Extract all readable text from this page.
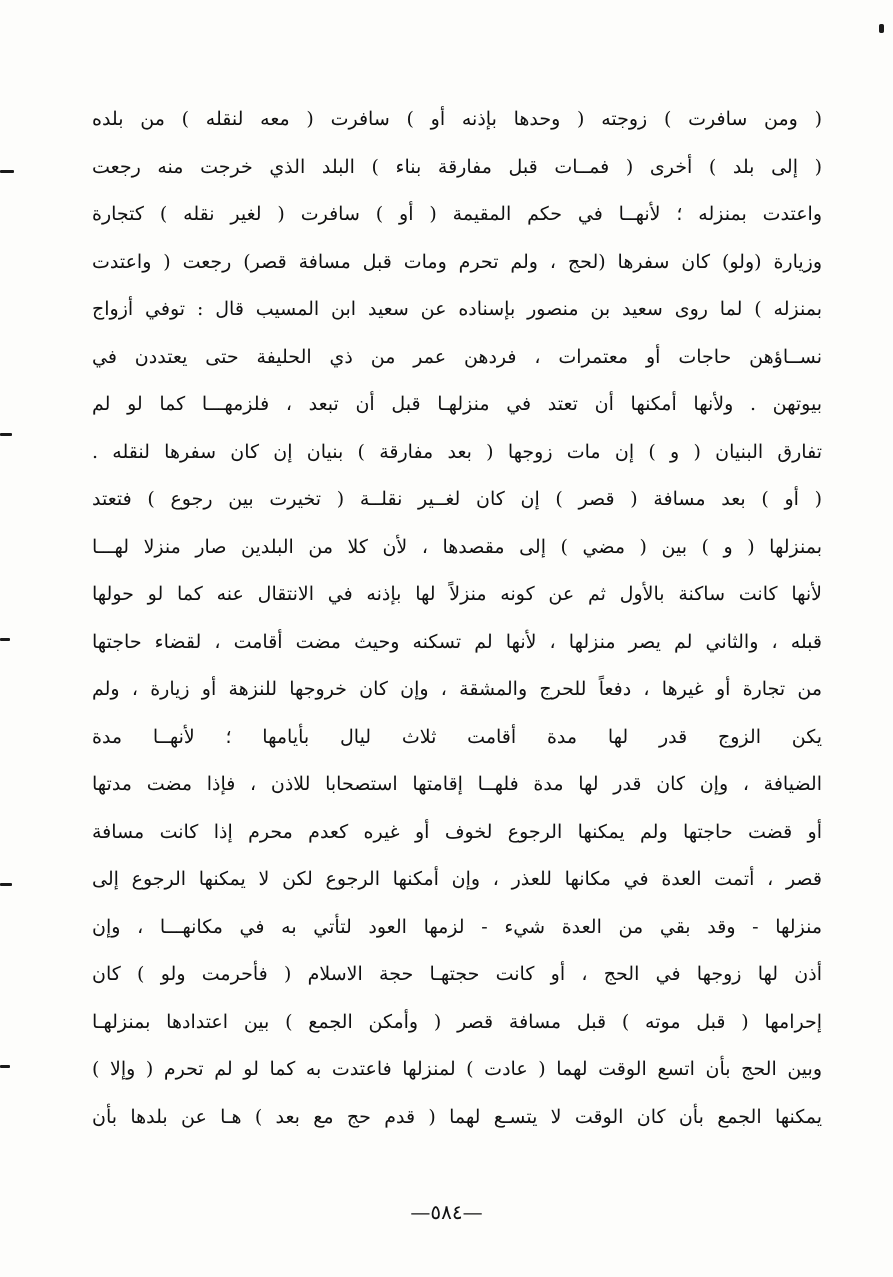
( ومن سافرت ) زوجته ( وحدها بإذنه أو ) سافرت ( معه لنقله ) من بلده
( إلى بلد ) أخرى ( فمــات قبل مفارقة بناء ) البلد الذي خرجت منه رجعت
واعتدت بمنزله ؛ لأنهــا في حكم المقيمة ( أو ) سافرت ( لغير نقله ) كتجارة
وزيارة (ولو) كان سفرها (لحج ، ولم تحرم ومات قبل مسافة قصر) رجعت ( واعتدت
بمنزله ) لما روى سعيد بن منصور بإسناده عن سعيد ابن المسيب قال : توفي أزواج
نســاؤهن حاجات أو معتمرات ، فردهن عمر من ذي الحليفة حتى يعتددن في
بيوتهن . ولأنها أمكنها أن تعتد في منزلهـا قبل أن تبعد ، فلزمهـــا كما لو لم
تفارق البنيان ( و ) إن مات زوجها ( بعد مفارقة ) بنيان إن كان سفرها لنقله .
( أو ) بعد مسافة ( قصر ) إن كان لغــير نقلــة ( تخيرت بين رجوع ) فتعتد
بمنزلها ( و ) بين ( مضي ) إلى مقصدها ، لأن كلا من البلدين صار منزلا لهـــا
لأنها كانت ساكنة بالأول ثم عن كونه منزلاً لها بإذنه في الانتقال عنه كما لو حولها
قبله ، والثاني لم يصر منزلها ، لأنها لم تسكنه وحيث مضت أقامت ، لقضاء حاجتها
من تجارة أو غيرها ، دفعاً للحرج والمشقة ، وإن كان خروجها للنزهة أو زيارة ، ولم
يكن الزوج قدر لها مدة أقامت ثلاث ليال بأيامها ؛ لأنهــا مدة
الضيافة ، وإن كان قدر لها مدة فلهــا إقامتها استصحابا للاذن ، فإذا مضت مدتها
أو قضت حاجتها ولم يمكنها الرجوع لخوف أو غيره كعدم محرم إذا كانت مسافة
قصر ، أتمت العدة في مكانها للعذر ، وإن أمكنها الرجوع لكن لا يمكنها الرجوع إلى
منزلها - وقد بقي من العدة شيء - لزمها العود لتأتي به في مكانهـــا ، وإن
أذن لها زوجها في الحج ، أو كانت حجتهـا حجة الاسلام ( فأحرمت ولو ) كان
إحرامها ( قبل موته ) قبل مسافة قصر ( وأمكن الجمع ) بين اعتدادها بمنزلهـا
وبين الحج بأن اتسع الوقت لهما ( عادت ) لمنزلها فاعتدت به كما لو لم تحرم ( وإلا )
يمكنها الجمع بأن كان الوقت لا يتسـع لهما ( قدم حج مع بعد ) هـا عن بلدها بأن
—٥٨٤—
